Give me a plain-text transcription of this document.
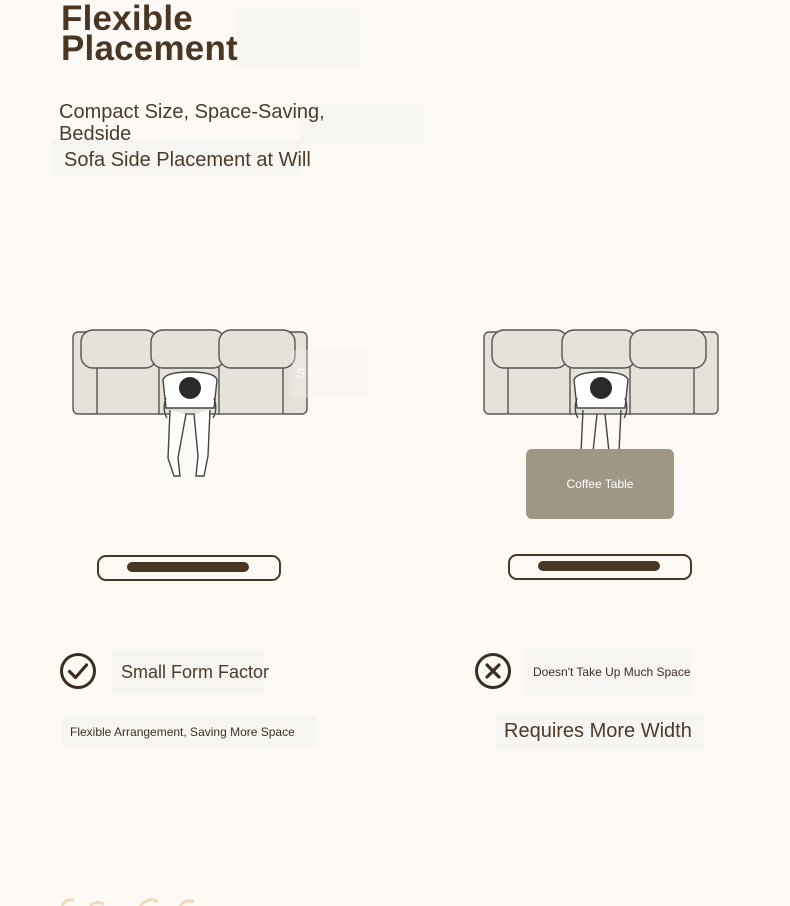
Flexible
Placement
Compact Size, Space-Saving,
Bedside
Sofa Side Placement at Will
S
Coffee Table
Small Form Factor
Flexible Arrangement, Saving More Space
Doesn't Take Up Much Space
Requires More Width
